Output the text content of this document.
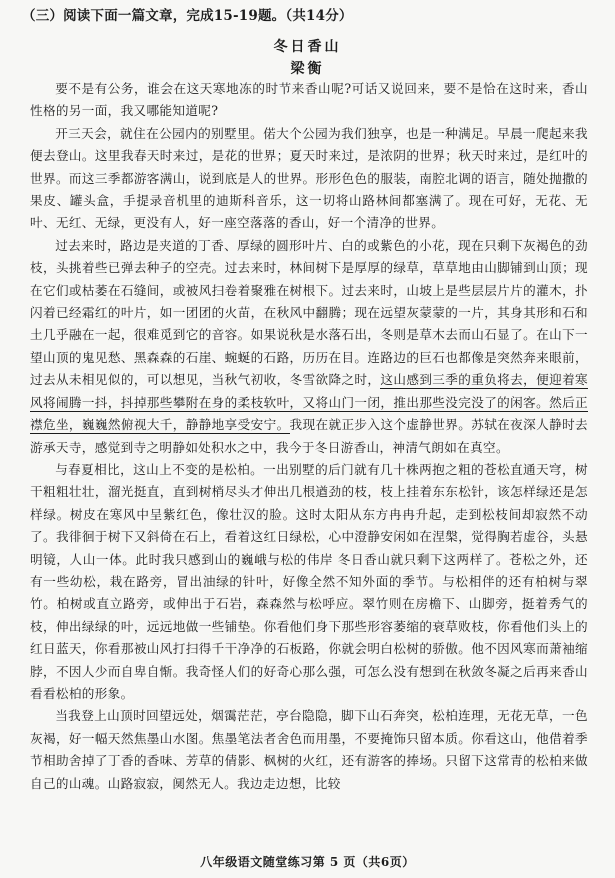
（三）阅读下面一篇文章，完成15-19题。（共14分）
冬日香山
梁衡

要不是有公务，谁会在这天寒地冻的时节来香山呢?可话又说回来，要不是恰在这时来，香山性格的另一面，我又哪能知道呢?

开三天会，就住在公园内的别墅里。偌大个公园为我们独享，也是一种满足。早晨一爬起来我便去登山。这里我春天时来过，是花的世界；夏天时来过，是浓阴的世界；秋天时来过，是红叶的世界。而这三季都游客满山，说到底是人的世界。形形色色的服装，南腔北调的语言，随处抛撒的果皮、罐头盒，手提录音机里的迪斯科音乐，这一切将山路林间都塞满了。现在可好，无花、无叶、无红、无绿，更没有人，好一座空落落的香山，好一个清净的世界。

过去来时，路边是夹道的丁香、厚绿的圆形叶片、白的或紫色的小花，现在只剩下灰褐色的劲枝，头挑着些已弹去种子的空壳。过去来时，林间树下是厚厚的绿草，草草地由山脚铺到山顶；现在它们或枯萎在石缝间，或被风扫卷着聚雅在树根下。过去来时，山坡上是些层层片片的灌木，扑闪着已经霜红的叶片，如一团团的火苗，在秋风中翻腾；现在远望灰蒙蒙的一片，其身其形和石和土几乎融在一起，很难觅到它的音容。如果说秋是水落石出，冬则是草木去而山石显了。在山下一望山顶的鬼见愁、黑森森的石崖、蜿蜒的石路，历历在目。连路边的巨石也都像是突然奔来眼前，过去从未相见似的，可以想见，当秋气初收，冬雪欲降之时，这山感到三季的重负将去，便迎着寒风将闹腾一抖，抖掉那些攀附在身的柔枝软叶，又将山门一闭，推出那些没完没了的闲客。然后正襟危坐，巍巍然俯视大千，静静地享受安宁。我现在就正步入这个虚静世界。苏轼在夜深人静时去游承天寺，感觉到寺之明静如处积水之中，我今于冬日游香山，神清气朗如在真空。

与春夏相比，这山上不变的是松柏。一出别墅的后门就有几十株两抱之粗的苍松直通天穹，树干粗粗壮壮，溜光挺直，直到树梢尽头才伸出几根遒劲的枝，枝上挂着东东松针，该怎样绿还是怎样绿。树皮在寒风中呈紫红色，像壮汉的脸。这时太阳从东方冉冉升起，走到松枝间却寂然不动了。我徘徊于树下又斜倚在石上，看着这红日绿松，心中澄静安闲如在涅槃，觉得胸若虚谷，头悬明镜，人山一体。此时我只感到山的巍峨与松的伟岸 冬日香山就只剩下这两样了。苍松之外，还有一些幼松，栽在路旁，冒出油绿的针叶，好像全然不知外面的季节。与松相伴的还有柏树与翠竹。柏树或直立路旁，或伸出于石岩，森森然与松呼应。翠竹则在房檐下、山脚旁，挺着秀气的枝，伸出绿绿的叶，远远地做一些铺垫。你看他们身下那些形容萎缩的衰草败枝，你看他们头上的红日蓝天，你看那被山风打扫得千干净净的石板路，你就会明白松树的骄傲。他不因风寒而萧袖缩脖，不因人少而自卑自惭。我奇怪人们的好奇心那么强，可怎么没有想到在秋敛冬凝之后再来香山看看松柏的形象。

当我登上山顶时回望远处，烟霭茫茫，亭台隐隐，脚下山石奔突，松柏连理，无花无草，一色灰褐，好一幅天然焦墨山水图。焦墨笔法者舍色而用墨，不要掩饰只留本质。你看这山，他借着季节相助舍掉了丁香的香味、芳草的倩影、枫树的火红，还有游客的捧场。只留下这常青的松柏来做自己的山魂。山路寂寂，阒然无人。我边走边想，比较

八年级语文随堂练习第 5 页（共6页）
